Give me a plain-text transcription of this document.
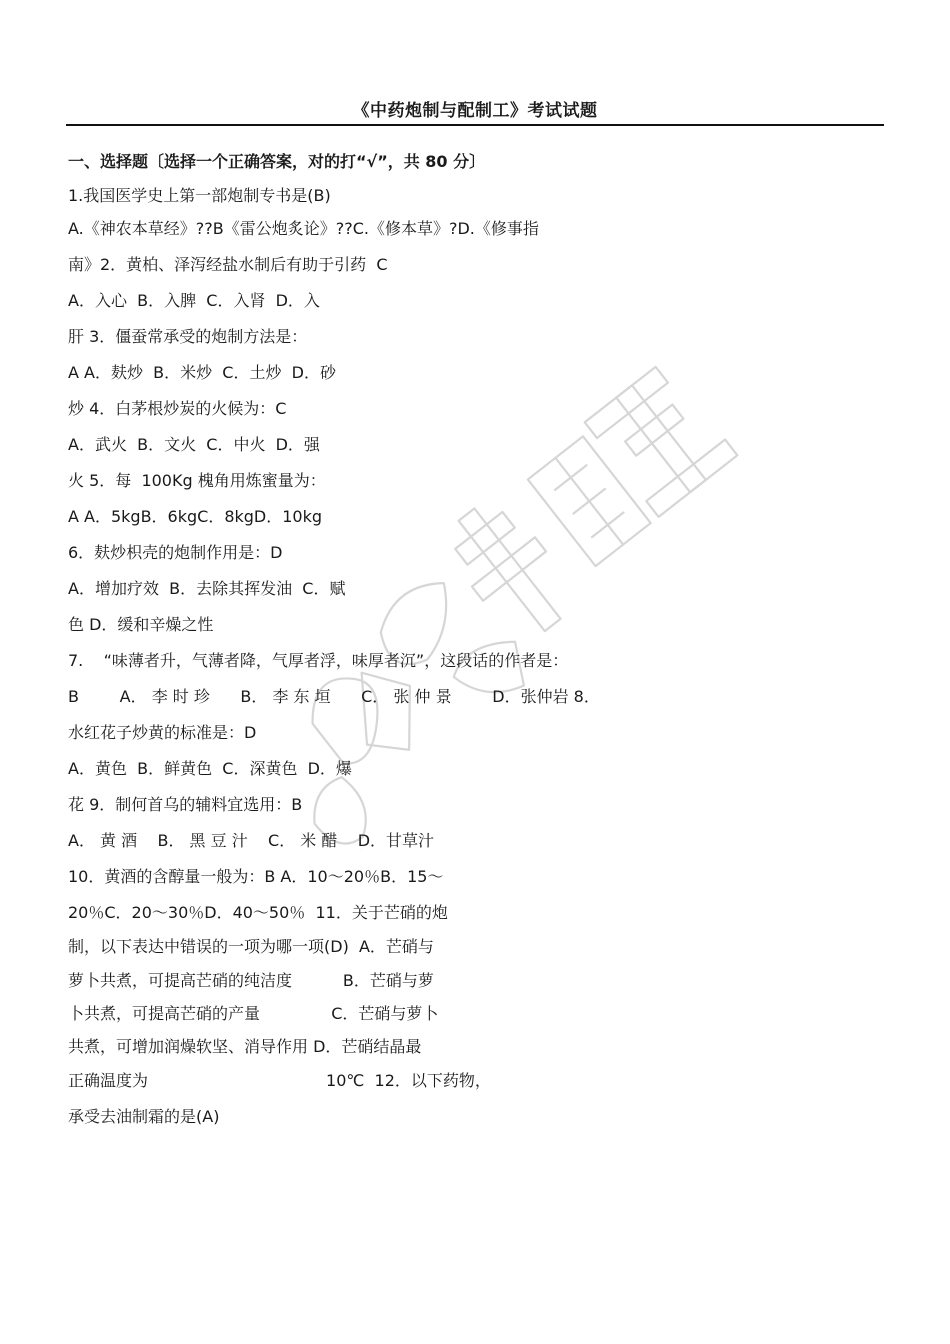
《中药炮制与配制工》考试试题
一、选择题〔选择一个正确答案，对的打“√”，共 80 分〕
1.我国医学史上第一部炮制专书是(B)
A.《神农本草经》??B《雷公炮炙论》??C.《修本草》?D.《修事指
南》2．黄柏、泽泻经盐水制后有助于引药  C
A．入心  B．入脾  C．入肾  D．入
肝 3．僵蚕常承受的炮制方法是：
A A．麸炒  B．米炒  C．土炒  D．砂
炒 4．白茅根炒炭的火候为：C
A．武火  B．文火  C．中火  D．强
火 5．每  100Kg 槐角用炼蜜量为：
A A．5kgB．6kgC．8kgD．10kg
6．麸炒枳壳的炮制作用是：D
A．增加疗效  B．去除其挥发油  C．赋
色 D．缓和辛燥之性
7.    “味薄者升，气薄者降，气厚者浮，味厚者沉”，这段话的作者是：
B        A． 李 时 珍      B． 李 东 垣      C． 张 仲 景        D．张仲岩 8．
水红花子炒黄的标准是：D
A．黄色  B．鲜黄色  C．深黄色  D．爆
花 9．制何首乌的辅料宜选用：B
A． 黄 酒    B． 黑 豆 汁    C． 米 醋    D．甘草汁
10．黄酒的含醇量一般为：B A．10～20％B．15～
20％C．20～30％D．40～50％  11．关于芒硝的炮
制，以下表达中错误的一项为哪一项(D)  A．芒硝与
萝卜共煮，可提高芒硝的纯洁度          B．芒硝与萝
卜共煮，可提高芒硝的产量              C．芒硝与萝卜
共煮，可增加润燥软坚、消导作用 D．芒硝结晶最
正确温度为                                   10℃  12．以下药物，
承受去油制霜的是(A)
